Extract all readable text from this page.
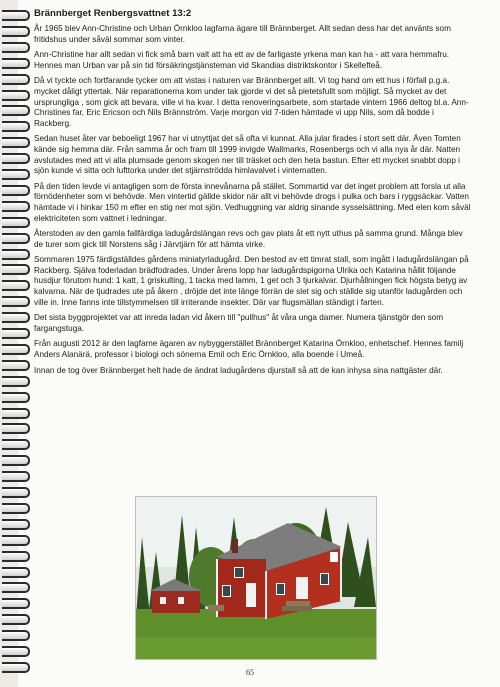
Brännberget Renbergsvattnet 13:2

År 1965 blev Ann-Christine och Urban Örnkloo lagfarna ägare till Brännberget. Allt sedan dess har det använts som fritidshus under såväl sommar som vinter.

Ann-Christine har allt sedan vi fick små barn valt att ha ett av de farligaste yrkena man kan ha - att vara hemmafru. Hennes man Urban var på sin tid försäkringstjänsteman vid Skandias distriktskontor i Skellefteå.

Då vi tyckte och fortfarande tycker om att vistas i naturen var Brännberget allt. Vi tog hand om ett hus i förfall p.g.a. mycket dåligt yttertak. När reparationerna kom under tak gjorde vi det så pietetsfullt som möjligt. Så mycket av det ursprungliga , som gick att bevara, ville vi ha kvar. I detta renoveringsarbete, som startade vintern 1966 deltog bl.a. Ann-Christines far, Eric Ericson och Nils Brännström. Varje morgon vid 7-tiden hämtade vi upp Nils, som då bodde i Rackberg.

Sedan huset åter var beboeligt 1967 har vi utnyttjat det så ofta vi kunnat. Alla jular firades i stort sett där. Även Tomten kände sig hemma där. Från samma år och fram till 1999 invigde Wallmarks, Rosenbergs och vi alla nya år där. Natten avslutades med att vi alla plumsade genom skogen ner till träsket och den heta bastun. Efter ett mycket snabbt dopp i sjön kunde vi sitta och lufttorka under det stjärnströdda himlavalvet i vinternatten.

På den tiden levde vi antagligen som de första innevånarna på stället. Sommartid var det inget problem att forsla ut alla förnödenheter som vi behövde. Men vintertid gällde skidor när allt vi behövde drogs i pulka och bars i ryggsäckar. Vatten hämtade vi i hinkar 150 m efter en stig ner mot sjön. Vedhuggning var aldrig sinande sysselsättning. Med elen kom såväl elektriciteten som vattnet i ledningar.

Återstoden av den gamla fallfärdiga ladugårdslängan revs och gav plats åt ett nytt uthus på samma grund. Många blev de turer som gick till Norstens såg i Järvtjärn för att hämta virke.

Sommaren 1975 färdigställdes gårdens miniatyrladugård. Den bestod av ett timrat stall, som ingått i ladugårdslängan på Rackberg. Själva foderladan brädfodrades. Under årens lopp har ladugårdspigorna Ulrika och Katarina hållit följande husdjur förutom hund: 1 katt, 1 griskulting, 1 tacka med lamm, 1 get och 3 tjurkalvar. Djurhållningen fick högsta betyg av kalvarna. När de tjudrades ute på åkern , dröjde det inte länge förrän de slet sig och ställde sig utanför ladugården och ville in. Inne fanns inte tillstymmelsen till irriterande insekter. Där var flugsmällan ständigt i farten.

Det sista byggprojektet var att inreda ladan vid åkern till "pullhus" åt våra unga damer. Numera tjänstgör den som fargangstuga.

Från augusti 2012 är den lagfarne ägaren av nybyggerstället Brännberget Katarina Örnkloo, enhetschef. Hennes familj Anders Alanärä, professor i biologi och sönerna Emil och Eric Örnkloo, alla boende i Umeå.

Innan de tog över Brännberget helt hade de ändrat ladugårdens djurstall så att de kan inhysa sina nattgäster där.

65
